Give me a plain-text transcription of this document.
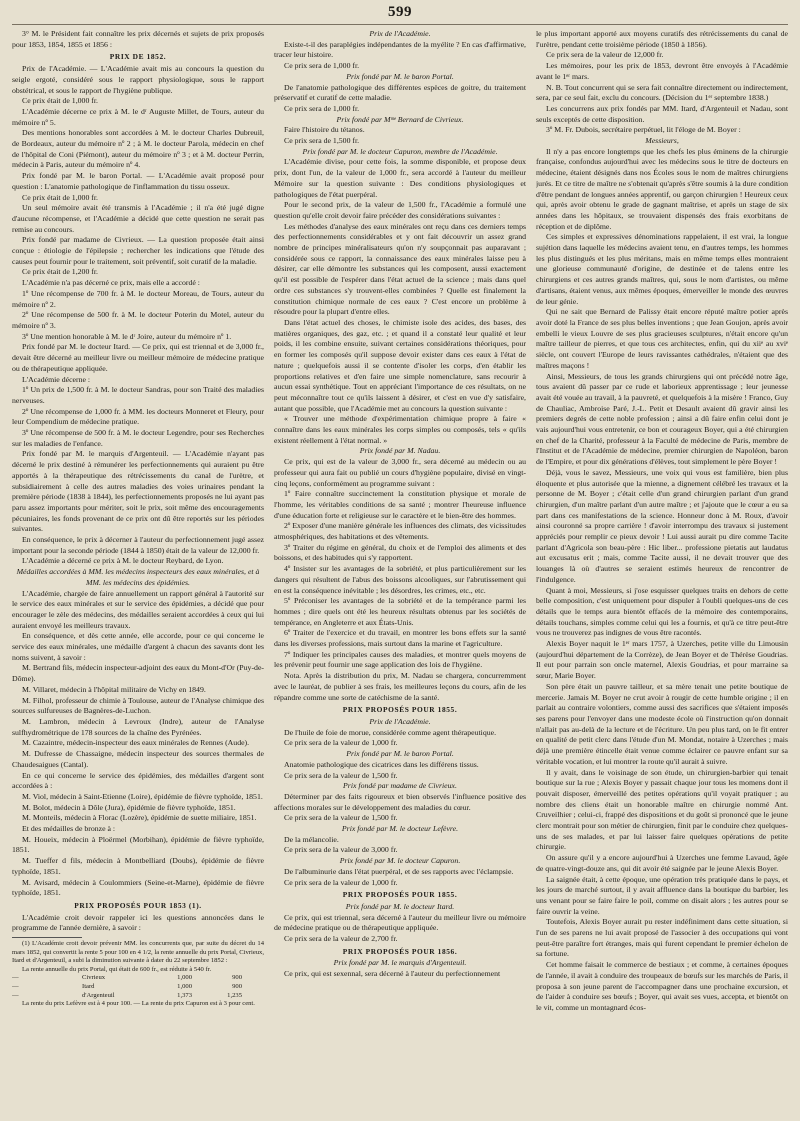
599

3° M. le Président fait connaître les prix décernés et sujets de prix proposés pour 1853, 1854, 1855 et 1856 :

PRIX DE 1852.

Prix de l'Académie. — L'Académie avait mis au concours la question du seigle ergoté, considéré sous le rapport physiologique, sous le rapport obstétrical, et sous le rapport de l'hygiène publique.

Ce prix était de 1,000 fr.

L'Académie décerne ce prix à M. le dʳ Auguste Millet, de Tours, auteur du mémoire nº 5.

Des mentions honorables sont accordées à M. le docteur Charles Dubreuil, de Bordeaux, auteur du mémoire nº 2 ; à M. le docteur Parola, médecin en chef de l'hôpital de Coni (Piémont), auteur du mémoire nº 3 ; et à M. docteur Perrin, médecin à Paris, auteur du mémoire nº 4.

Prix fondé par M. le baron Portal. — L'Académie avait proposé pour question : L'anatomie pathologique de l'inflammation du tissu osseux.

Ce prix était de 1,000 fr.

Un seul mémoire avait été transmis à l'Académie ; il n'a été jugé digne d'aucune récompense, et l'Académie a décidé que cette question ne serait pas remise au concours.

Prix fondé par madame de Civrieux. — La question proposée était ainsi conçue : étiologie de l'épilepsie ; rechercher les indications que l'étude des causes peut fournir pour le traitement, soit préventif, soit curatif de la maladie.

Ce prix était de 1,200 fr.

L'Académie n'a pas décerné ce prix, mais elle a accordé :

1º Une récompense de 700 fr. à M. le docteur Moreau, de Tours, auteur du mémoire nº 2.

2º Une récompense de 500 fr. à M. le docteur Poterin du Motel, auteur du mémoire nº 3.

3º Une mention honorable à M. le dʳ Joire, auteur du mémoire nº 1.

Prix fondé par M. le docteur Itard. — Ce prix, qui est triennal et de 3,000 fr., devait être décerné au meilleur livre ou meilleur mémoire de médecine pratique ou de thérapeutique appliquée.

L'Académie décerne :

1º Un prix de 1,500 fr. à M. le docteur Sandras, pour son Traité des maladies nerveuses.

2º Une récompense de 1,000 fr. à MM. les docteurs Monneret et Fleury, pour leur Compendium de médecine pratique.

3º Une récompense de 500 fr. à M. le docteur Legendre, pour ses Recherches sur les maladies de l'enfance.

Prix fondé par M. le marquis d'Argenteuil. — L'Académie n'ayant pas décerné le prix destiné à rémunérer les perfectionnements qui auraient pu être apportés à la thérapeutique des rétrécissements du canal de l'urètre, et subsidiairement à celle des autres maladies des voies urinaires pendant la première période (1838 à 1844), les perfectionnements proposés ne lui ayant pas paru assez importants pour mériter, soit le prix, soit même des encouragements pécuniaires, les fonds provenant de ce prix ont dû être reportés sur les périodes suivantes.

En conséquence, le prix à décerner à l'auteur du perfectionnement jugé assez important pour la seconde période (1844 à 1850) était de la valeur de 12,000 fr.

L'Académie a décerné ce prix à M. le docteur Reybard, de Lyon.

Médailles accordées à MM. les médecins inspecteurs des eaux minérales, et à MM. les médecins des épidémies.

L'Académie, chargée de faire annuellement un rapport général à l'autorité sur le service des eaux minérales et sur le service des épidémies, a décidé que pour encourager le zèle des médecins, des médailles seraient accordées à ceux qui lui auraient envoyé les meilleurs travaux.

En conséquence, et dès cette année, elle accorde, pour ce qui concerne le service des eaux minérales, une médaille d'argent à chacun des savants dont les noms suivent, à savoir :

M. Bertrand fils, médecin inspecteur-adjoint des eaux du Mont-d'Or (Puy-de-Dôme).

M. Villaret, médecin à l'hôpital militaire de Vichy en 1849.

M. Filhol, professeur de chimie à Toulouse, auteur de l'Analyse chimique des sources sulfureuses de Bagnères-de-Luchon.

M. Lambron, médecin à Levroux (Indre), auteur de l'Analyse sulfhydrométrique de 178 sources de la chaîne des Pyrénées.

M. Cazaintre, médecin-inspecteur des eaux minérales de Rennes (Aude).

M. Dufresse de Chassaigne, médecin inspecteur des sources thermales de Chaudesaigues (Cantal).

En ce qui concerne le service des épidémies, des médailles d'argent sont accordées à :

M. Viol, médecin à Saint-Etienne (Loire), épidémie de fièvre typhoïde, 1851.

M. Bolot, médecin à Dôle (Jura), épidémie de fièvre typhoïde, 1851.

M. Monteils, médecin à Florac (Lozère), épidémie de suette miliaire, 1851.

Et des médailles de bronze à :

M. Houeix, médecin à Ploërmel (Morbihan), épidémie de fièvre typhoïde, 1851.

M. Tueffer d fils, médecin à Montbelliard (Doubs), épidémie de fièvre typhoïde, 1851.

M. Avisard, médecin à Coulommiers (Seine-et-Marne), épidémie de fièvre typhoïde, 1851.

PRIX PROPOSÉS POUR 1853 (1).

L'Académie croit devoir rappeler ici les questions annoncées dans le programme de l'année dernière, à savoir :

(1) L'Académie croit devoir prévenir MM. les concurrents que, par suite du décret du 14 mars 1852, qui convertit la rente 5 pour 100 en 4 1/2, la rente annuelle du prix Portal, Civrieux, Itard et d'Argenteuil, a subi la diminution suivante à dater du 22 septembre 1852 :

La rente annuelle du prix Portal, qui était de 600 fr., est réduite à 540 fr.

—	Civrieux	1,000	900
—	Itard	1,000	900
—	d'Argenteuil	1,373	1,235

La rente du prix Lefèvre est à 4 pour 100. — La rente du prix Capuron est à 3 pour cent.

Prix de l'Académie.

Existe-t-il des paraplégies indépendantes de la myélite ? En cas d'affirmative, tracer leur histoire.

Ce prix sera de 1,000 fr.

Prix fondé par M. le baron Portal.

De l'anatomie pathologique des différentes espèces de goitre, du traitement préservatif et curatif de cette maladie.

Ce prix sera de 1,000 fr.

Prix fondé par Mᵐᵉ Bernard de Civrieux.

Faire l'histoire du tétanos.

Ce prix sera de 1,500 fr.

Prix fondé par M. le docteur Capuron, membre de l'Académie.

L'Académie divise, pour cette fois, la somme disponible, et propose deux prix, dont l'un, de la valeur de 1,000 fr., sera accordé à l'auteur du meilleur Mémoire sur la question suivante : Des conditions physiologiques et pathologiques de l'état puerpéral.

Pour le second prix, de la valeur de 1,500 fr., l'Académie a formulé une question qu'elle croit devoir faire précéder des considérations suivantes :

Les méthodes d'analyse des eaux minérales ont reçu dans ces derniers temps des perfectionnements considérables et y ont fait découvrir un assez grand nombre de principes minéralisateurs qu'on n'y soupçonnait pas auparavant ; considérée sous ce rapport, la connaissance des eaux minérales laisse peu à désirer, car elle démontre les substances qui les composent, aussi exactement qu'il est possible de l'espérer dans l'état actuel de la science ; mais dans quel ordre ces substances s'y trouvent-elles combinées ? Quelle est finalement la constitution chimique normale de ces eaux ? C'est encore un problème à résoudre pour la plupart d'entre elles.

Dans l'état actuel des choses, le chimiste isole des acides, des bases, des matières organiques, des gaz, etc. ; et quand il a constaté leur qualité et leur poids, il les combine ensuite, suivant certaines considérations théoriques, pour en former les composés qu'il suppose devoir exister dans ces eaux à l'état de nature ; quelquefois aussi il se contente d'isoler les corps, d'en établir les proportions relatives et d'en faire une simple nomenclature, sans recourir à aucun essai synthétique. Tout en appréciant l'importance de ces résultats, on ne peut méconnaître tout ce qu'ils laissent à désirer, et c'est en vue d'y satisfaire, autant que possible, que l'Académie met au concours la question suivante :

« Trouver une méthode d'expérimentation chimique propre à faire « connaître dans les eaux minérales les corps simples ou composés, tels « qu'ils existent réellement à l'état normal. »

Prix fondé par M. Nadau.

Ce prix, qui est de la valeur de 3,000 fr., sera décerné au médecin ou au professeur qui aura fait ou publié un cours d'hygiène populaire, divisé en vingt-cinq leçons, conformément au programme suivant :

1º Faire connaître succinctement la constitution physique et morale de l'homme, les véritables conditions de sa santé ; montrer l'heureuse influence d'une éducation forte et religieuse sur le caractère et le bien-être des hommes.

2º Exposer d'une manière générale les influences des climats, des vicissitudes atmosphériques, des habitations et des vêtements.

3º Traiter du régime en général, du choix et de l'emploi des aliments et des boissons, et des habitudes qui s'y rapportent.

4º Insister sur les avantages de la sobriété, et plus particulièrement sur les dangers qui résultent de l'abus des boissons alcooliques, sur l'abrutissement qui en est la conséquence inévitable ; les désordres, les crimes, etc., etc.

5º Préconiser les avantages de la sobriété et de la tempérance parmi les hommes ; dire quels ont été les heureux résultats obtenus par les sociétés de tempérance, en Angleterre et aux États-Unis.

6º Traiter de l'exercice et du travail, en montrer les bons effets sur la santé dans les diverses professions, mais surtout dans la marine et l'agriculture.

7º Indiquer les principales causes des maladies, et montrer quels moyens de les prévenir peut fournir une sage application des lois de l'hygiène.

Nota. Après la distribution du prix, M. Nadau se chargera, concurremment avec le lauréat, de publier à ses frais, les meilleures leçons du cours, afin de les répandre comme une sorte de catéchisme de la santé.

PRIX PROPOSÉS POUR 1855.

Prix de l'Académie.

De l'huile de foie de morue, considérée comme agent thérapeutique.

Ce prix sera de la valeur de 1,000 fr.

Prix fondé par M. le baron Portal.

Anatomie pathologique des cicatrices dans les différens tissus.

Ce prix sera de la valeur de 1,500 fr.

Prix fondé par madame de Civrieux.

Déterminer par des faits rigoureux et bien observés l'influence positive des affections morales sur le développement des maladies du cœur.

Ce prix sera de la valeur de 1,500 fr.

Prix fondé par M. le docteur Lefèvre.

De la mélancolie.

Ce prix sera de la valeur de 3,000 fr.

Prix fondé par M. le docteur Capuron.

De l'albuminurie dans l'état puerpéral, et de ses rapports avec l'éclampsie.

Ce prix sera de la valeur de 1,000 fr.

PRIX PROPOSÉS POUR 1855.

Prix fondé par M. le docteur Itard.

Ce prix, qui est triennal, sera décerné à l'auteur du meilleur livre ou mémoire de médecine pratique ou de thérapeutique appliquée.

Ce prix sera de la valeur de 2,700 fr.

PRIX PROPOSÉS POUR 1856.

Prix fondé par M. le marquis d'Argenteuil.

Ce prix, qui est sexennal, sera décerné à l'auteur du perfectionnement

le plus important apporté aux moyens curatifs des rétrécissements du canal de l'urètre, pendant cette troisième période (1850 à 1856).

Ce prix sera de la valeur de 12,000 fr.

Les mémoires, pour les prix de 1853, devront être envoyés à l'Académie avant le 1ᵉʳ mars.

N. B. Tout concurrent qui se sera fait connaître directement ou indirectement, sera, par ce seul fait, exclu du concours. (Décision du 1ᵉʳ septembre 1838.)

Les concurrens aux prix fondés par MM. Itard, d'Argenteuil et Nadau, sont seuls exceptés de cette disposition.

3º M. Fr. Dubois, secrétaire perpétuel, lit l'éloge de M. Boyer :

Messieurs,

Il n'y a pas encore longtemps que les chefs les plus éminens de la chirurgie française, confondus aujourd'hui avec les médecins sous le titre de docteurs en médecine, étaient désignés dans nos Écoles sous le nom de maîtres chirurgiens jurés. Et ce titre de maître ne s'obtenait qu'après s'être soumis à la dure condition d'être pendant de longues années apprentif, ou garçon chirurgien ! Heureux ceux qui, après avoir obtenu le grade de gagnant maîtrise, et après un stage de six années dans les hôpitaux, se trouvaient dispensés des frais exorbitans de réception et de diplôme.

Ces simples et expressives dénominations rappelaient, il est vrai, la longue sujétion dans laquelle les médecins avaient tenu, en d'autres temps, les hommes les plus distingués et les plus méritans, mais en même temps elles montraient une glorieuse communauté d'origine, de destinée et de talens entre les chirurgiens et ces autres grands maîtres, qui, sous le nom d'artistes, ou même d'artisans, étaient venus, aux mêmes époques, émerveiller le monde des œuvres de leur génie.

Qui ne sait que Bernard de Palissy était encore réputé maître potier après avoir doté la France de ses plus belles inventions ; que Jean Goujon, après avoir embelli le vieux Louvre de ses plus gracieuses sculptures, n'était encore qu'un maître tailleur de pierres, et que tous ces architectes, enfin, qui du xiiᵉ au xviᵉ siècle, ont couvert l'Europe de leurs ravissantes cathédrales, n'étaient que des maîtres maçons !

Ainsi, Messieurs, de tous les grands chirurgiens qui ont précédé notre âge, tous avaient dû passer par ce rude et laborieux apprentissage ; leur jeunesse avait été vouée au travail, à la pauvreté, et quelquefois à la misère ! Franco, Guy de Chauliac, Ambroise Paré, J.-L. Petit et Desault avaient dû gravir ainsi les premiers degrés de cette noble profession ; ainsi a dû faire enfin celui dont je vais aujourd'hui vous entretenir, ce bon et courageux Boyer, qui a été chirurgien en chef de la Charité, professeur à la Faculté de médecine de Paris, membre de l'Institut et de l'Académie de médecine, premier chirurgien de Napoléon, baron de l'Empire, et pour dix générations d'élèves, tout simplement le père Boyer !

Déjà, vous le savez, Messieurs, une voix qui vous est familière, bien plus éloquente et plus autorisée que la mienne, a dignement célébré les travaux et la personne de M. Boyer ; c'était celle d'un grand chirurgien parlant d'un grand chirurgien, d'un maître parlant d'un autre maître ; et j'ajoute que le cœur a eu sa part dans ces manifestations de la science. Honneur donc à M. Roux, d'avoir ainsi couronné sa propre carrière ! d'avoir interrompu des travaux si justement appréciés pour remplir ce pieux devoir ! Lui aussi aurait pu dire comme Tacite parlant d'Agricola son beau-père : Hic liber... professione pietatis aut laudatus aut excusatus erit ; mais, comme Tacite aussi, il ne devait trouver que des louanges là où d'autres se seraient estimés heureux de rencontrer de l'indulgence.

Quant à moi, Messieurs, si j'ose esquisser quelques traits en dehors de cette belle composition, c'est uniquement pour dispuler à l'oubli quelques-uns de ces détails que le temps aura bientôt effacés de la mémoire des contemporains, détails touchans, simples comme celui qui les a fournis, et qu'à ce titre peut-être vous ne trouverez pas indignes de vous être racontés.

Alexis Boyer naquit le 1ᵉʳ mars 1757, à Uzerches, petite ville du Limousin (aujourd'hui département de la Corrèze), de Jean Boyer et de Thérèse Goudrias. Il eut pour parrain son oncle maternel, Alexis Goudrias, et pour marraine sa sœur, Marie Boyer.

Son père était un pauvre tailleur, et sa mère tenait une petite boutique de mercerie. Jamais M. Boyer ne crut avoir à rougir de cette humble origine ; il en parlait au contraire volontiers, comme aussi des sacrifices que s'étaient imposés ses parens pour l'envoyer dans une modeste école où l'instruction qu'on donnait n'allait pas au-delà de la lecture et de l'écriture. Un peu plus tard, on le fit entrer en qualité de petit clerc dans l'étude d'un M. Mondat, notaire à Uzerches ; mais déjà une première étincelle était venue comme éclairer ce pauvre enfant sur sa véritable vocation, et lui montrer la route qu'il aurait à suivre.

Il y avait, dans le voisinage de son étude, un chirurgien-barbier qui tenait boutique sur la rue ; Alexis Boyer y passait chaque jour tous les momens dont il pouvait disposer, émerveillé des petites opérations qu'il voyait pratiquer ; au nombre des cliens était un honorable maître en chirurgie nommé Ant. Cruveilhier ; celui-ci, frappé des dispositions et du goût si prononcé que le jeune clerc montrait pour son métier de chirurgien, finit par le conduire chez quelques-uns de ses malades, et par lui laisser faire quelques opérations de petite chirurgie.

On assure qu'il y a encore aujourd'hui à Uzerches une femme Lavaud, âgée de quatre-vingt-douze ans, qui dit avoir été saignée par le jeune Alexis Boyer.

La saignée était, à cette époque, une opération très pratiquée dans le pays, et les jours de marché surtout, il y avait affluence dans la boutique du barbier, les uns venant pour se faire faire le poil, comme on disait alors ; les autres pour se faire ouvrir la veine.

Toutefois, Alexis Boyer aurait pu rester indéfiniment dans cette situation, si l'un de ses parens ne lui avait proposé de l'associer à des occupations qui vont peut-être paraître fort étranges, mais qui furent cependant le premier échelon de sa fortune.

Cet homme faisait le commerce de bestiaux ; et comme, à certaines époques de l'année, il avait à conduire des troupeaux de bœufs sur les marchés de Paris, il proposa à son jeune parent de l'accompagner dans une prochaine excursion, et de l'aider à conduire ses bœufs ; Boyer, qui avait ses vues, accepta, et bientôt on le vit, comme un montagnard écos-
